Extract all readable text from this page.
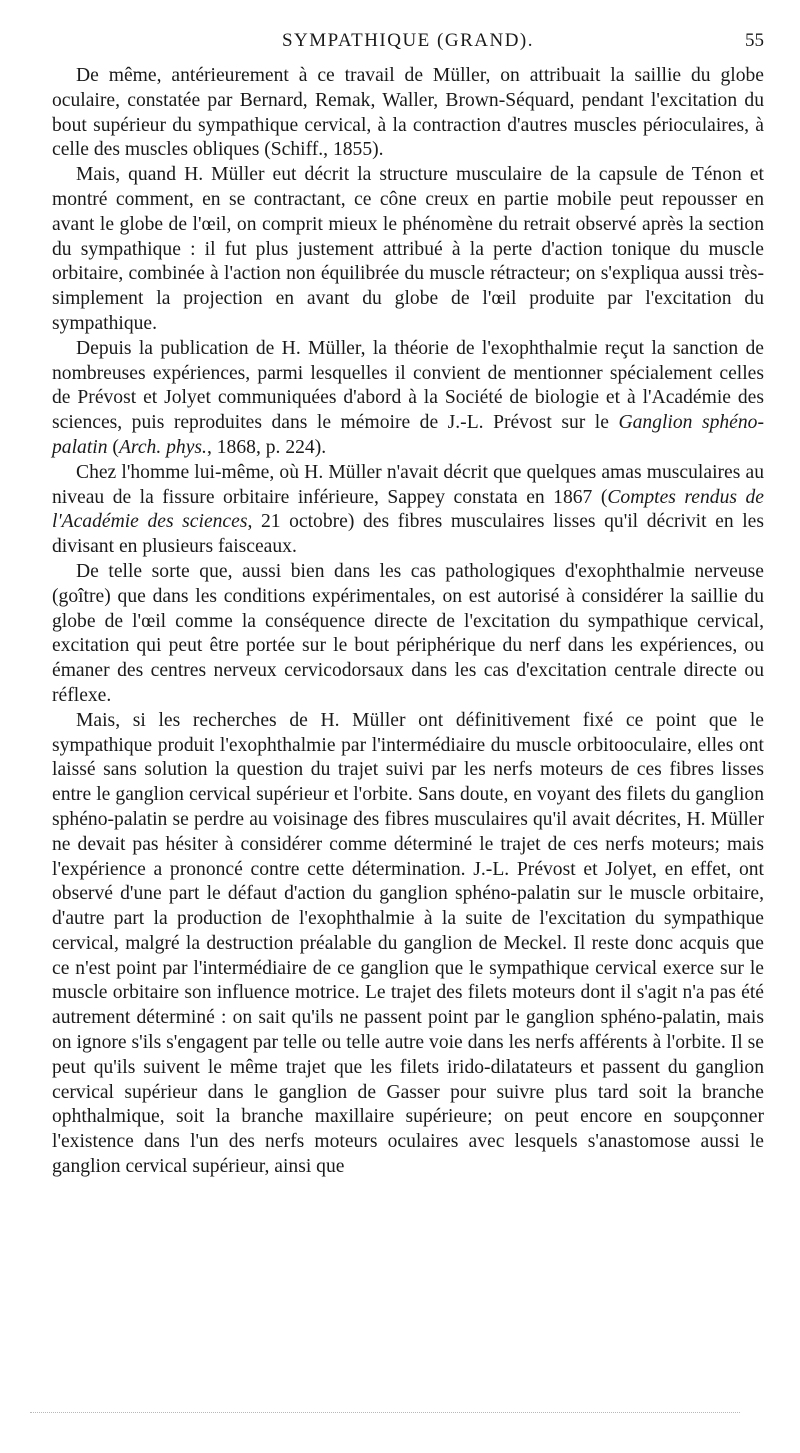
SYMPATHIQUE (GRAND).	55

De même, antérieurement à ce travail de Müller, on attribuait la saillie du globe oculaire, constatée par Bernard, Remak, Waller, Brown-Séquard, pendant l'excitation du bout supérieur du sympathique cervical, à la contraction d'autres muscles périoculaires, à celle des muscles obliques (Schiff., 1855).

Mais, quand H. Müller eut décrit la structure musculaire de la capsule de Ténon et montré comment, en se contractant, ce cône creux en partie mobile peut repousser en avant le globe de l'œil, on comprit mieux le phénomène du retrait observé après la section du sympathique : il fut plus justement attribué à la perte d'action tonique du muscle orbitaire, combinée à l'action non équilibrée du muscle rétracteur; on s'expliqua aussi très-simplement la projection en avant du globe de l'œil produite par l'excitation du sympathique.

Depuis la publication de H. Müller, la théorie de l'exophthalmie reçut la sanction de nombreuses expériences, parmi lesquelles il convient de mentionner spécialement celles de Prévost et Jolyet communiquées d'abord à la Société de biologie et à l'Académie des sciences, puis reproduites dans le mémoire de J.-L. Prévost sur le Ganglion sphéno-palatin (Arch. phys., 1868, p. 224).

Chez l'homme lui-même, où H. Müller n'avait décrit que quelques amas musculaires au niveau de la fissure orbitaire inférieure, Sappey constata en 1867 (Comptes rendus de l'Académie des sciences, 21 octobre) des fibres musculaires lisses qu'il décrivit en les divisant en plusieurs faisceaux.

De telle sorte que, aussi bien dans les cas pathologiques d'exophthalmie nerveuse (goître) que dans les conditions expérimentales, on est autorisé à considérer la saillie du globe de l'œil comme la conséquence directe de l'excitation du sympathique cervical, excitation qui peut être portée sur le bout périphérique du nerf dans les expériences, ou émaner des centres nerveux cervicodorsaux dans les cas d'excitation centrale directe ou réflexe.

Mais, si les recherches de H. Müller ont définitivement fixé ce point que le sympathique produit l'exophthalmie par l'intermédiaire du muscle orbitooculaire, elles ont laissé sans solution la question du trajet suivi par les nerfs moteurs de ces fibres lisses entre le ganglion cervical supérieur et l'orbite. Sans doute, en voyant des filets du ganglion sphéno-palatin se perdre au voisinage des fibres musculaires qu'il avait décrites, H. Müller ne devait pas hésiter à considérer comme déterminé le trajet de ces nerfs moteurs; mais l'expérience a prononcé contre cette détermination. J.-L. Prévost et Jolyet, en effet, ont observé d'une part le défaut d'action du ganglion sphéno-palatin sur le muscle orbitaire, d'autre part la production de l'exophthalmie à la suite de l'excitation du sympathique cervical, malgré la destruction préalable du ganglion de Meckel. Il reste donc acquis que ce n'est point par l'intermédiaire de ce ganglion que le sympathique cervical exerce sur le muscle orbitaire son influence motrice. Le trajet des filets moteurs dont il s'agit n'a pas été autrement déterminé : on sait qu'ils ne passent point par le ganglion sphéno-palatin, mais on ignore s'ils s'engagent par telle ou telle autre voie dans les nerfs afférents à l'orbite. Il se peut qu'ils suivent le même trajet que les filets irido-dilatateurs et passent du ganglion cervical supérieur dans le ganglion de Gasser pour suivre plus tard soit la branche ophthalmique, soit la branche maxillaire supérieure; on peut encore en soupçonner l'existence dans l'un des nerfs moteurs oculaires avec lesquels s'anastomose aussi le ganglion cervical supérieur, ainsi que
